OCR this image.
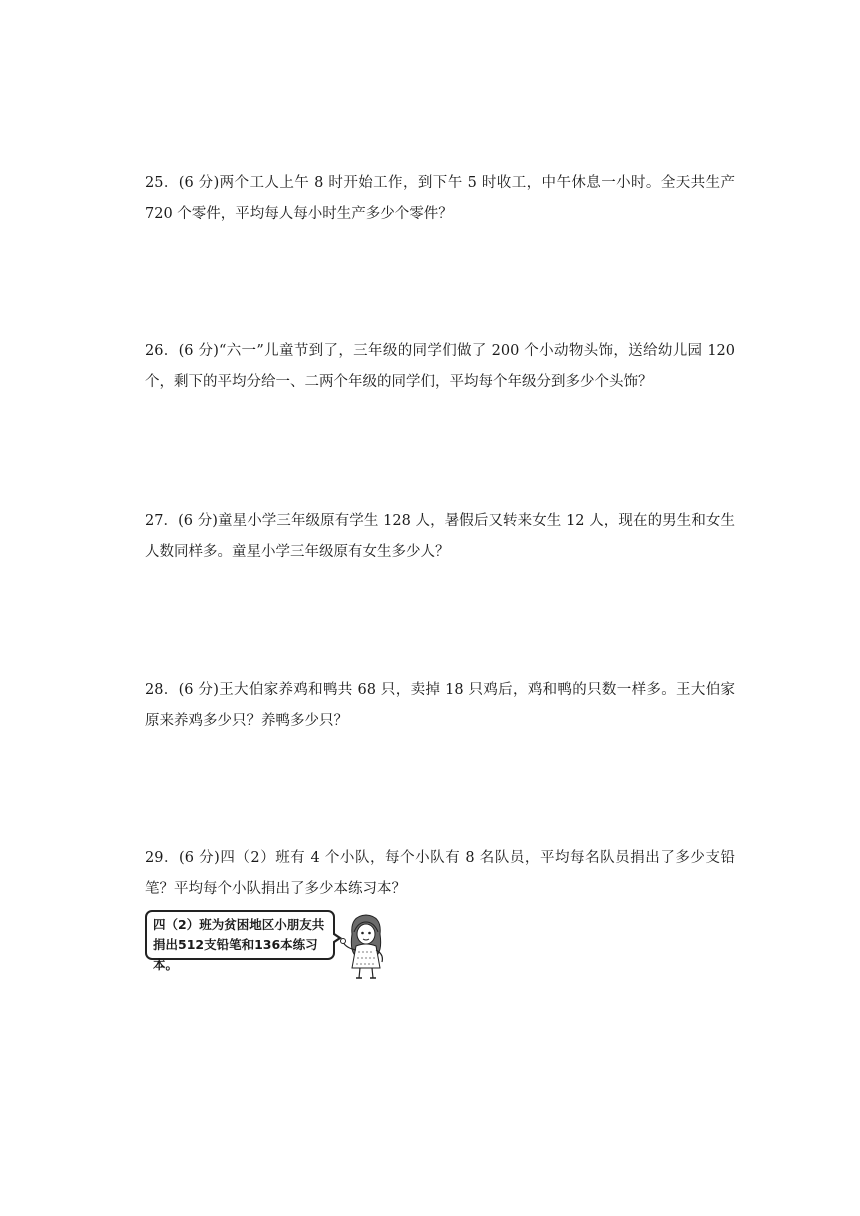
25．(6 分)两个工人上午 8 时开始工作，到下午 5 时收工，中午休息一小时。全天共生产 720 个零件，平均每人每小时生产多少个零件？

26．(6 分)“六一”儿童节到了，三年级的同学们做了 200 个小动物头饰，送给幼儿园 120 个，剩下的平均分给一、二两个年级的同学们，平均每个年级分到多少个头饰？

27．(6 分)童星小学三年级原有学生 128 人，暑假后又转来女生 12 人，现在的男生和女生人数同样多。童星小学三年级原有女生多少人？

28．(6 分)王大伯家养鸡和鸭共 68 只，卖掉 18 只鸡后，鸡和鸭的只数一样多。王大伯家原来养鸡多少只？养鸭多少只？

29．(6 分)四（2）班有 4 个小队，每个小队有 8 名队员，平均每名队员捐出了多少支铅笔？平均每个小队捐出了多少本练习本？

四（2）班为贫困地区小朋友共
捐出512支铅笔和136本练习本。
